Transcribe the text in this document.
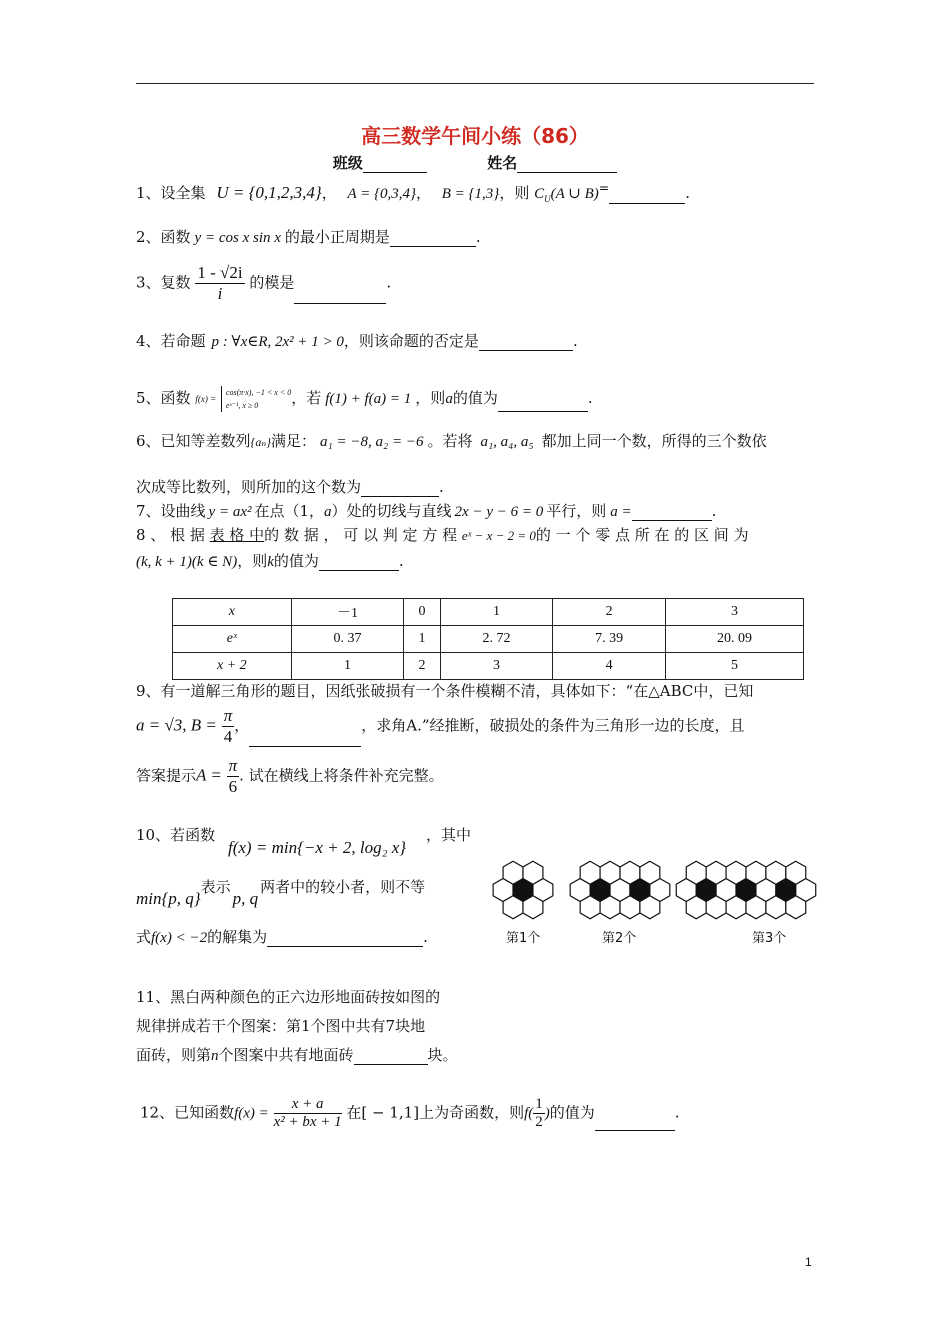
高三数学午间小练（86）
班级	姓名
1、设全集 U = {0,1,2,3,4}， A = {0,3,4}， B = {1,3}，则 $C_U(A$ ∪ B)=	.
2、函数 y = cos x sin x 的最小正周期是	.
3、复数 $\frac{1 - √2i}{i}$ 的模是	.
4、若命题 p : ∀x∈R, 2x² + 1 > 0，则该命题的否定是	.
5、函数 f(x) =
cos(π·x), −1 < x < 0
eˣ⁻¹, x ≥ 0	，若 f(1) + f(a) = 1 ，则a的值为	.
6、已知等差数列{aₙ}满足： a₁ = −8, a₂ = −6 。若将 a₁, a₄, a₅ 都加上同一个数，所得的三个数依
次成等比数列，则所加的这个数为	.
7、设曲线 y = ax² 在点（1，a）处的切线与直线 2x − y − 6 = 0 平行，则 a =	.
8 、 根 据 表 格 中的 数 据 ， 可 以 判 定 方 程 eˣ − x − 2 = 0的 一 个 零 点 所 在 的 区 间 为
(k, k + 1)(k ∈ N)，则k的值为	.
x	－1	0	1	2	3
eˣ	0. 37	1	2. 72	7. 39	20. 09
x + 2	1	2	3	4	5
9、有一道解三角形的题目，因纸张破损有一个条件模糊不清，具体如下：“在△ABC中，已知
a = √3, $B = \frac{\pi}{4}$ ，	，求角A.”经推断，破损处的条件为三角形一边的长度，且
答案提示$A = \frac{\pi}{6}$ . 试在横线上将条件补充完整。
10、若函数
f(x) = min{−x + 2, log₂ x}
，其中
min{p, q}表示p, q两者中的较小者，则不等
式f(x) < −2的解集为	.	第1个	第2个	第3个
11、黑白两种颜色的正六边形地面砖按如图的
规律拼成若干个图案：第1个图中共有7块地
面砖，则第n个图案中共有地面砖	块。
12、已知函数$f(x) = \frac{x + a}{\text{x² + bx + 1}}$ 在[ − 1,1]上为奇函数，则$f( \frac{1}{2}$ )的值为	.
1
